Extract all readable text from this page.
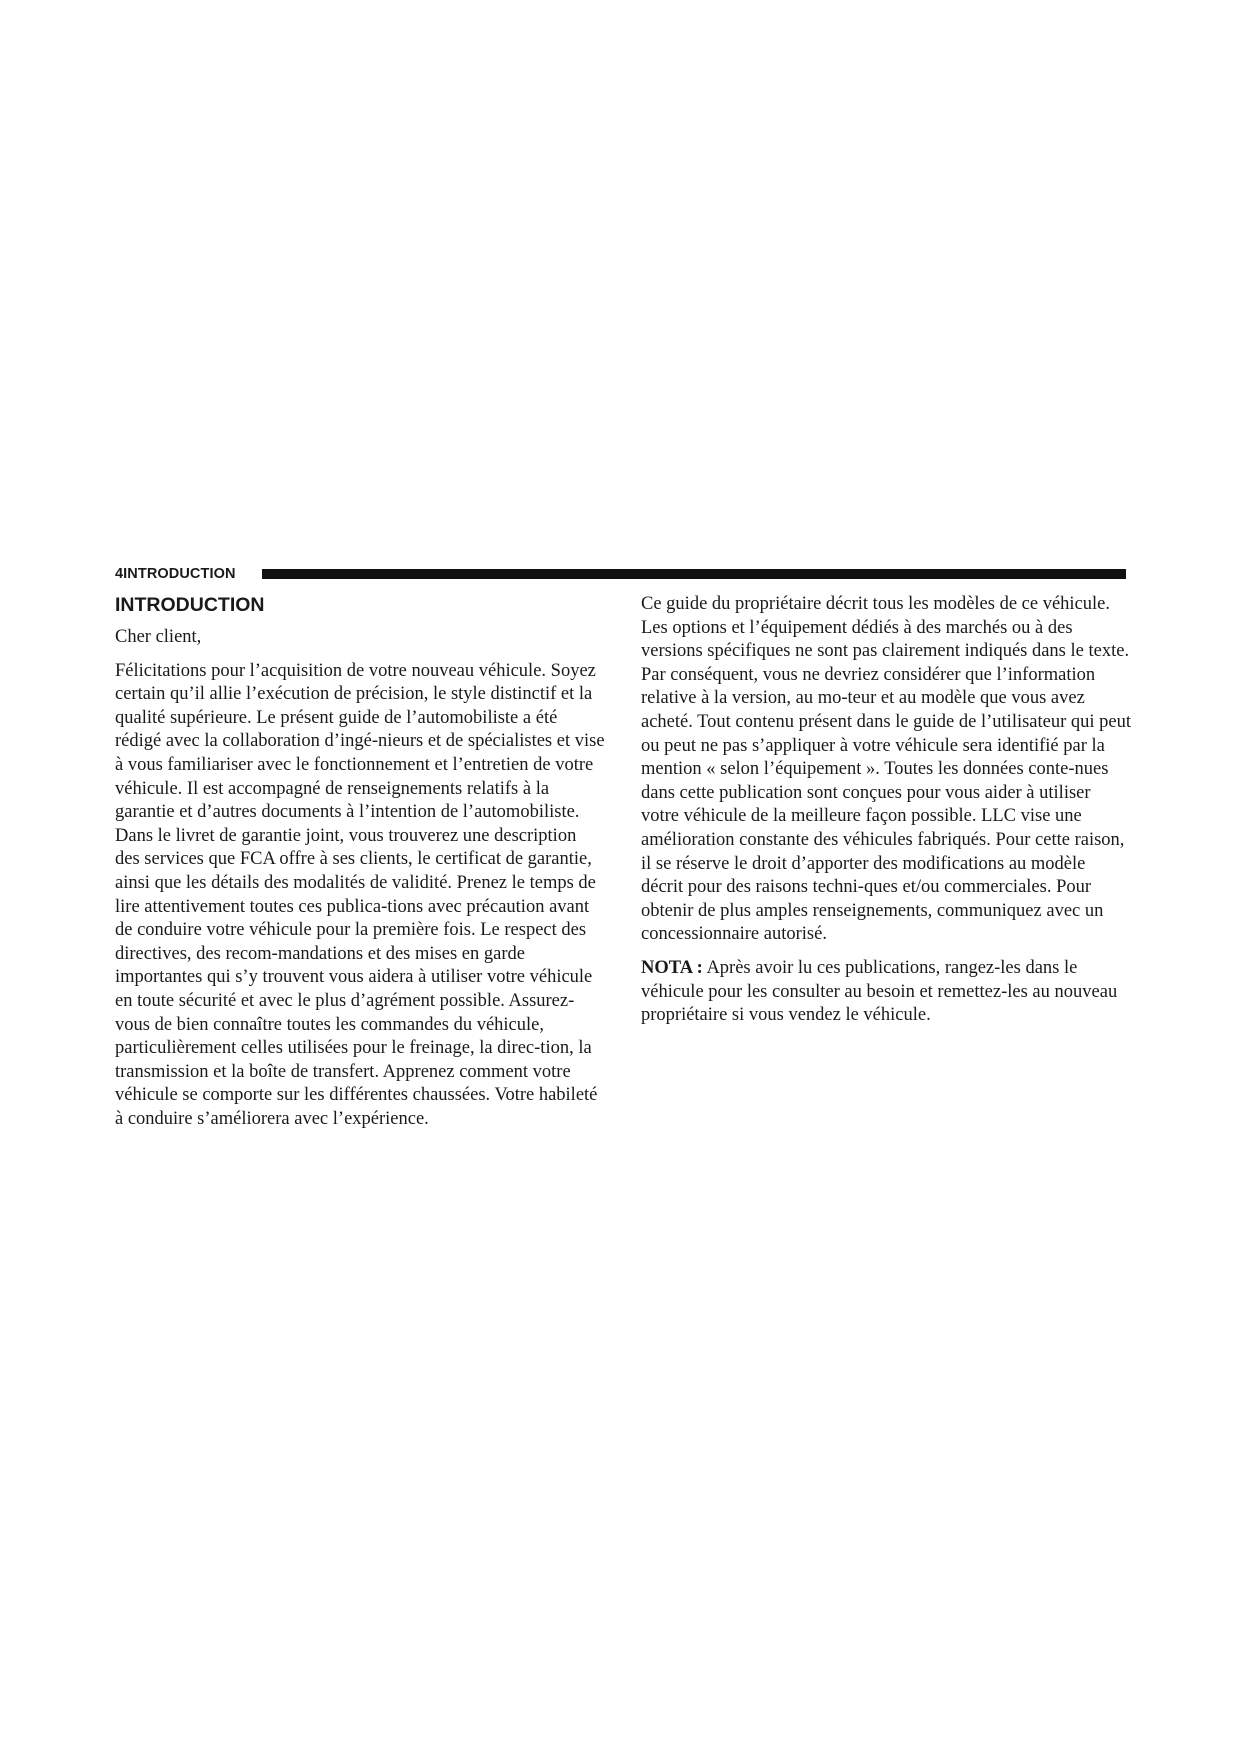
4 INTRODUCTION
INTRODUCTION

Cher client,

Félicitations pour l’acquisition de votre nouveau véhicule. Soyez certain qu’il allie l’exécution de précision, le style distinctif et la qualité supérieure. Le présent guide de l’automobiliste a été rédigé avec la collaboration d’ingé-nieurs et de spécialistes et vise à vous familiariser avec le fonctionnement et l’entretien de votre véhicule. Il est accompagné de renseignements relatifs à la garantie et d’autres documents à l’intention de l’automobiliste. Dans le livret de garantie joint, vous trouverez une description des services que FCA offre à ses clients, le certificat de garantie, ainsi que les détails des modalités de validité. Prenez le temps de lire attentivement toutes ces publica-tions avec précaution avant de conduire votre véhicule pour la première fois. Le respect des directives, des recom-mandations et des mises en garde importantes qui s’y trouvent vous aidera à utiliser votre véhicule en toute sécurité et avec le plus d’agrément possible. Assurez-vous de bien connaître toutes les commandes du véhicule, particulièrement celles utilisées pour le freinage, la direc-tion, la transmission et la boîte de transfert. Apprenez comment votre véhicule se comporte sur les différentes chaussées. Votre habileté à conduire s’améliorera avec l’expérience.

Ce guide du propriétaire décrit tous les modèles de ce véhicule. Les options et l’équipement dédiés à des marchés ou à des versions spécifiques ne sont pas clairement indiqués dans le texte. Par conséquent, vous ne devriez considérer que l’information relative à la version, au mo-teur et au modèle que vous avez acheté. Tout contenu présent dans le guide de l’utilisateur qui peut ou peut ne pas s’appliquer à votre véhicule sera identifié par la mention « selon l’équipement ». Toutes les données conte-nues dans cette publication sont conçues pour vous aider à utiliser votre véhicule de la meilleure façon possible. LLC vise une amélioration constante des véhicules fabriqués. Pour cette raison, il se réserve le droit d’apporter des modifications au modèle décrit pour des raisons techni-ques et/ou commerciales. Pour obtenir de plus amples renseignements, communiquez avec un concessionnaire autorisé.

NOTA : Après avoir lu ces publications, rangez-les dans le véhicule pour les consulter au besoin et remettez-les au nouveau propriétaire si vous vendez le véhicule.
